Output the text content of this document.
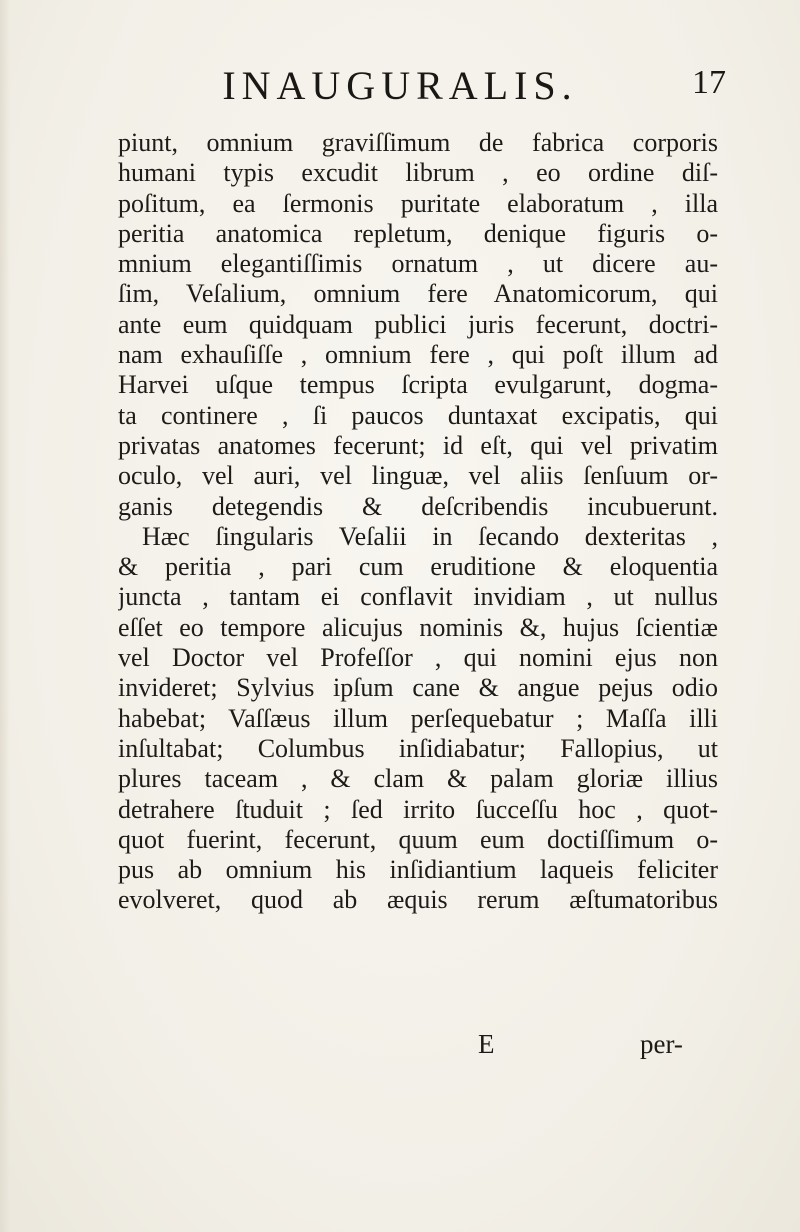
INAUGURALIS.	17
piunt, omnium graviſſimum de fabrica corporis
humani typis excudit librum , eo ordine diſ-
poſitum, ea ſermonis puritate elaboratum , illa
peritia anatomica repletum, denique figuris o-
mnium elegantiſſimis ornatum , ut dicere au-
ſim, Veſalium, omnium fere Anatomicorum, qui
ante eum quidquam publici juris fecerunt, doctri-
nam exhauſiſſe , omnium fere , qui poſt illum ad
Harvei uſque tempus ſcripta evulgarunt, dogma-
ta continere , ſi paucos duntaxat excipatis, qui
privatas anatomes fecerunt; id eſt, qui vel privatim
oculo, vel auri, vel linguæ, vel aliis ſenſuum or-
ganis detegendis & deſcribendis incubuerunt.
Hæc ſingularis Veſalii in ſecando dexteritas ,
& peritia , pari cum eruditione & eloquentia
juncta , tantam ei conflavit invidiam , ut nullus
eſſet eo tempore alicujus nominis &, hujus ſcientiæ
vel Doctor vel Profeſſor , qui nomini ejus non
invideret; Sylvius ipſum cane & angue pejus odio
habebat; Vaſſæus illum perſequebatur ; Maſſa illi
inſultabat; Columbus inſidiabatur; Fallopius, ut
plures taceam , & clam & palam gloriæ illius
detrahere ſtuduit ; ſed irrito ſucceſſu hoc , quot-
quot fuerint, fecerunt, quum eum doctiſſimum o-
pus ab omnium his inſidiantium laqueis feliciter
evolveret, quod ab æquis rerum æſtumatoribus
E	per-
